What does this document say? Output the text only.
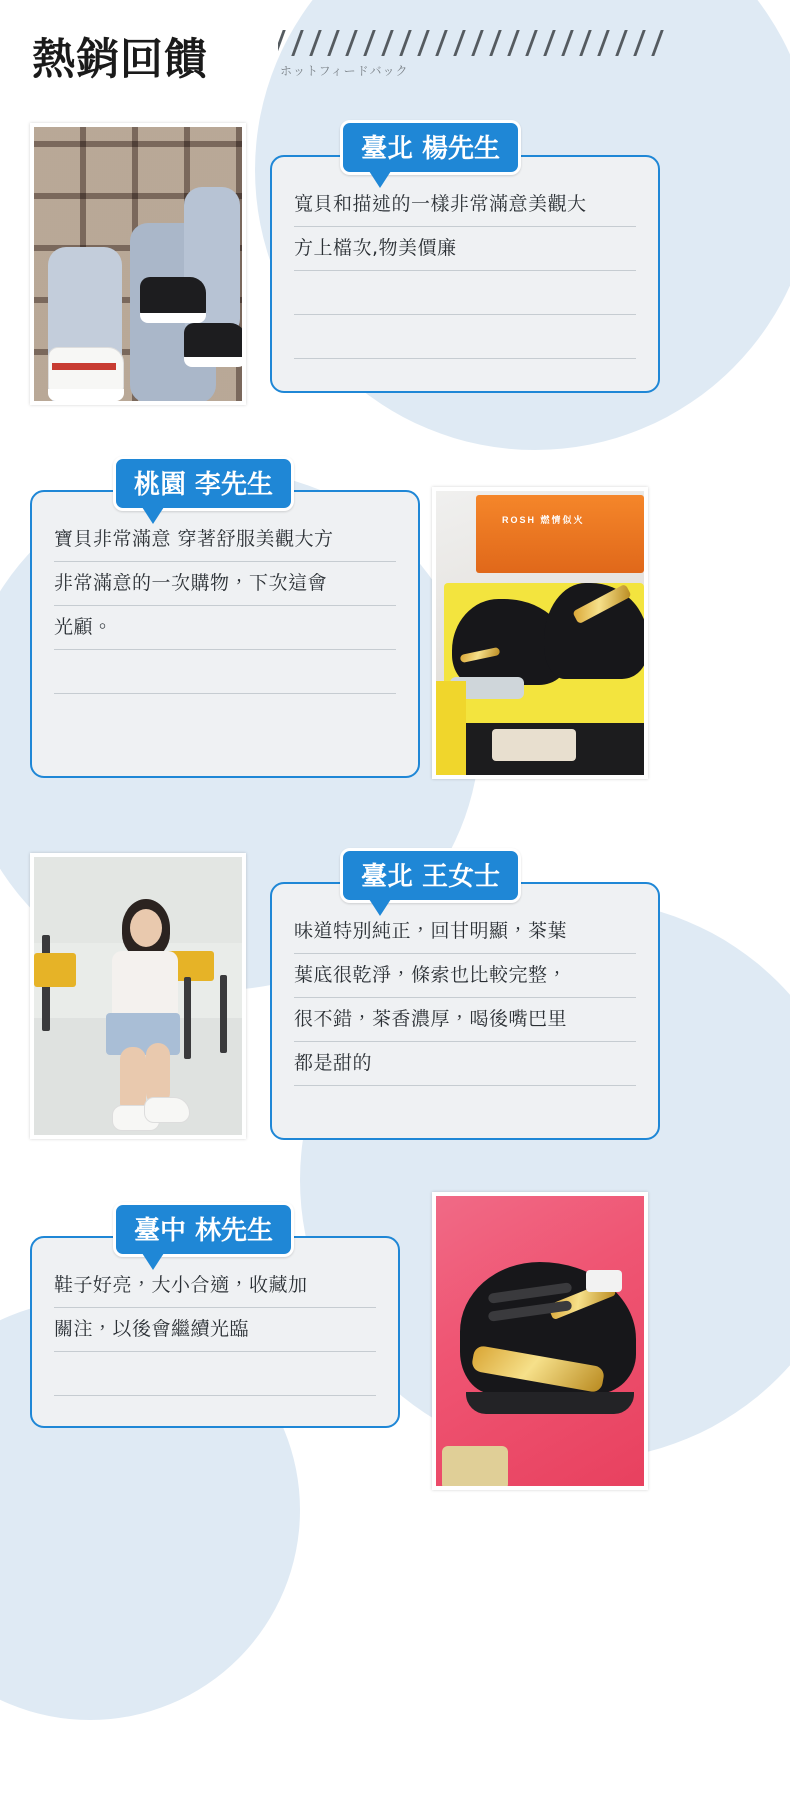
熱銷回饋	ホットフィードバック
寬貝和描述的一樣非常滿意美觀大
方上檔次,物美價廉
臺北 楊先生
ROSH 燃情似火
寶貝非常滿意 穿著舒服美觀大方
非常滿意的一次購物，下次這會
光顧。
桃園 李先生
味道特別純正，回甘明顯，茶葉
葉底很乾淨，條索也比較完整，
很不錯，茶香濃厚，喝後嘴巴里
都是甜的
臺北 王女士
鞋子好亮，大小合適，收藏加
關注，以後會繼續光臨
臺中 林先生
